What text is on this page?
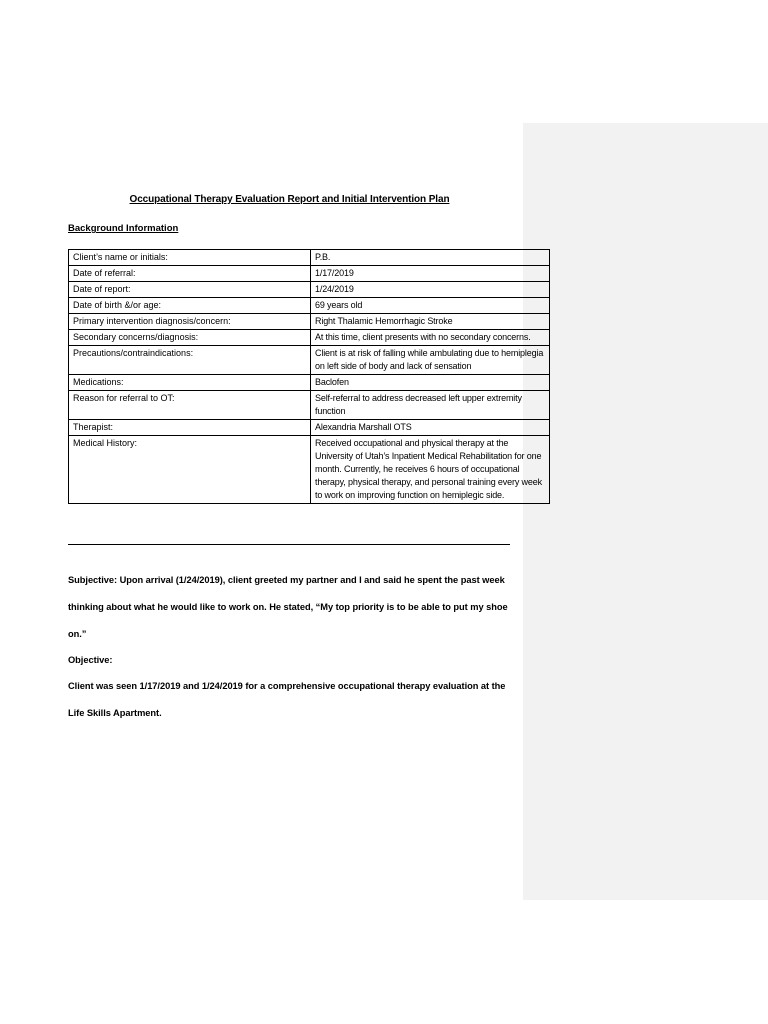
Occupational Therapy Evaluation Report and Initial Intervention Plan
Background Information
Client’s name or initials:	P.B.
Date of referral:	1/17/2019
Date of report:	1/24/2019
Date of birth &/or age:	69 years old
Primary intervention diagnosis/concern:	Right Thalamic Hemorrhagic Stroke
Secondary concerns/diagnosis:	At this time, client presents with no secondary concerns.
Precautions/contraindications:	Client is at risk of falling while ambulating due to hemiplegia on left side of body and lack of sensation
Medications:	Baclofen
Reason for referral to OT:	Self-referral to address decreased left upper extremity function
Therapist:	Alexandria Marshall OTS
Medical History:	Received occupational and physical therapy at the University of Utah’s Inpatient Medical Rehabilitation for one month. Currently, he receives 6 hours of occupational therapy, physical therapy, and personal training every week to work on improving function on hemiplegic side.
Subjective: Upon arrival (1/24/2019), client greeted my partner and I and said he spent the past week
thinking about what he would like to work on. He stated, “My top priority is to be able to put my shoe
on.”
Objective:
Client was seen 1/17/2019 and 1/24/2019 for a comprehensive occupational therapy evaluation at the
Life Skills Apartment.
